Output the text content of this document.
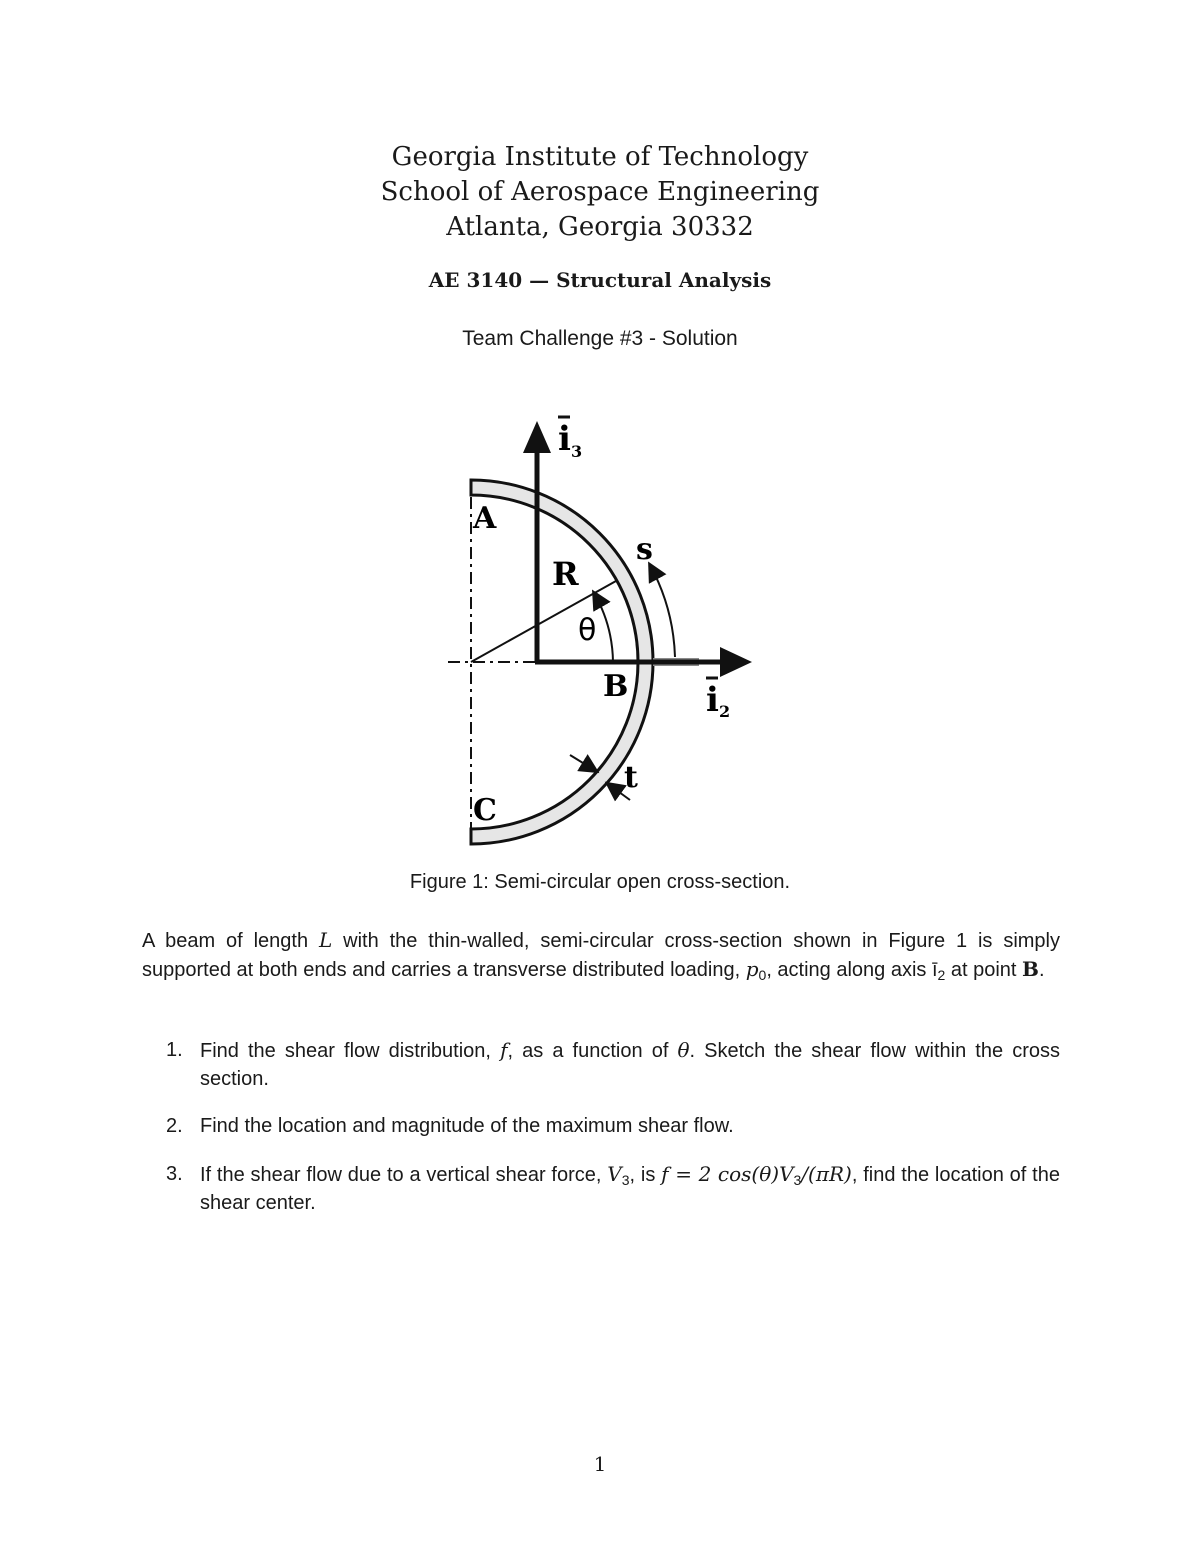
Georgia Institute of Technology
School of Aerospace Engineering
Atlanta, Georgia 30332
AE 3140 — Structural Analysis
Team Challenge #3 - Solution
i 3
i 2
A
B
C
R
θ
s
t
Figure 1: Semi-circular open cross-section.
A beam of length L with the thin-walled, semi-circular cross-section shown in Figure 1 is simply supported at both ends and carries a transverse distributed loading, $p_0$, acting along axis $ī_2$ at point B.
1. Find the shear flow distribution, f, as a function of θ. Sketch the shear flow within the cross section.
2. Find the location and magnitude of the maximum shear flow.
3. If the shear flow due to a vertical shear force, $V_3$, is f = 2 $\cos(\theta)V_3/(\pi R)$, find the location of the shear center.
1
